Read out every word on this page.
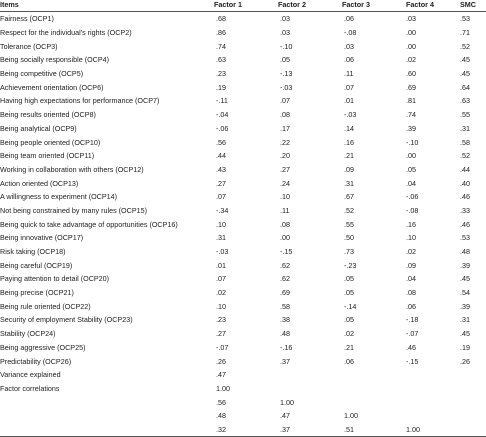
Items	Factor 1	Factor 2	Factor 3	Factor 4	SMC
Fairness (OCP1)	.68	.03	.06	.03	.53
Respect for the individual's rights (OCP2)	.86	.03	-.08	.00	.71
Tolerance (OCP3)	.74	-.10	.03	.00	.52
Being socially responsible (OCP4)	.63	.05	.06	.02	.45
Being competitive (OCP5)	.23	-.13	.11	.60	.45
Achievement orientation (OCP6)	.19	-.03	.07	.69	.64
Having high expectations for performance (OCP7)	-.11	.07	.01	.81	.63
Being results oriented (OCP8)	-.04	.08	-.03	.74	.55
Being analytical (OCP9)	-.06	.17	.14	.39	.31
Being people oriented (OCP10)	.56	.22	.16	-.10	.58
Being team oriented (OCP11)	.44	.20	.21	.00	.52
Working in collaboration with others (OCP12)	.43	.27	.09	.05	.44
Action oriented (OCP13)	.27	.24	.31	.04	.40
A willingness to experiment (OCP14)	.07	.10	.67	-.06	.46
Not being constrained by many rules (OCP15)	-.34	.11	.52	-.08	.33
Being quick to take advantage of opportunities (OCP16)	.10	.08	.55	.16	.46
Being innovative (OCP17)	.31	.00	.50	.10	.53
Risk taking (OCP18)	-.03	-.15	.73	.02	.48
Being careful (OCP19)	.01	.62	-.23	.09	.39
Paying attention to detail (OCP20)	.07	.62	.05	.04	.45
Being precise (OCP21)	.02	.69	.05	.08	.54
Being rule oriented (OCP22)	.10	.58	-.14	.06	.39
Security of employment Stability (OCP23)	.23	.38	.05	-.18	.31
Stability (OCP24)	.27	.48	.02	-.07	.45
Being aggressive (OCP25)	-.07	-.16	.21	.46	.19
Predictability (OCP26)	.26	.37	.06	-.15	.26
Variance explained	.47				
Factor correlations	1.00				
	.56	1.00			
	.48	.47	1.00		
	.32	.37	.51	1.00	
